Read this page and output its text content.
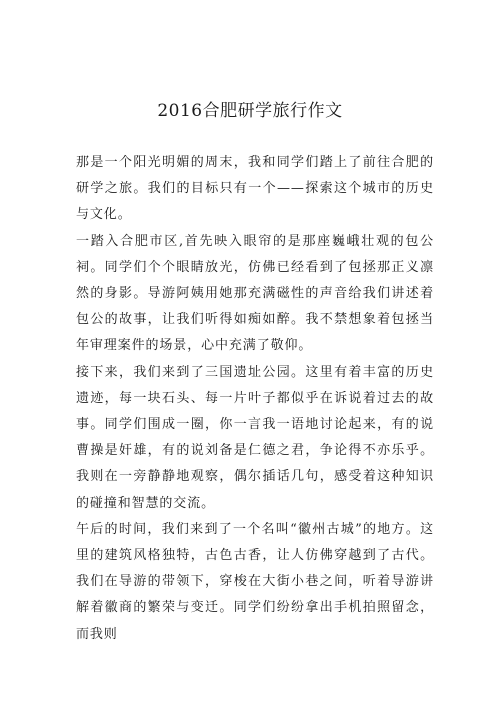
2016合肥研学旅行作文

那是一个阳光明媚的周末，我和同学们踏上了前往合肥的研学之旅。我们的目标只有一个——探索这个城市的历史与文化。

一踏入合肥市区,首先映入眼帘的是那座巍峨壮观的包公祠。同学们个个眼睛放光，仿佛已经看到了包拯那正义凛然的身影。导游阿姨用她那充满磁性的声音给我们讲述着包公的故事，让我们听得如痴如醉。我不禁想象着包拯当年审理案件的场景，心中充满了敬仰。

接下来，我们来到了三国遗址公园。这里有着丰富的历史遗迹，每一块石头、每一片叶子都似乎在诉说着过去的故事。同学们围成一圈，你一言我一语地讨论起来，有的说曹操是奸雄，有的说刘备是仁德之君，争论得不亦乐乎。我则在一旁静静地观察，偶尔插话几句，感受着这种知识的碰撞和智慧的交流。

午后的时间，我们来到了一个名叫“徽州古城”的地方。这里的建筑风格独特，古色古香，让人仿佛穿越到了古代。我们在导游的带领下，穿梭在大街小巷之间，听着导游讲解着徽商的繁荣与变迁。同学们纷纷拿出手机拍照留念，而我则
